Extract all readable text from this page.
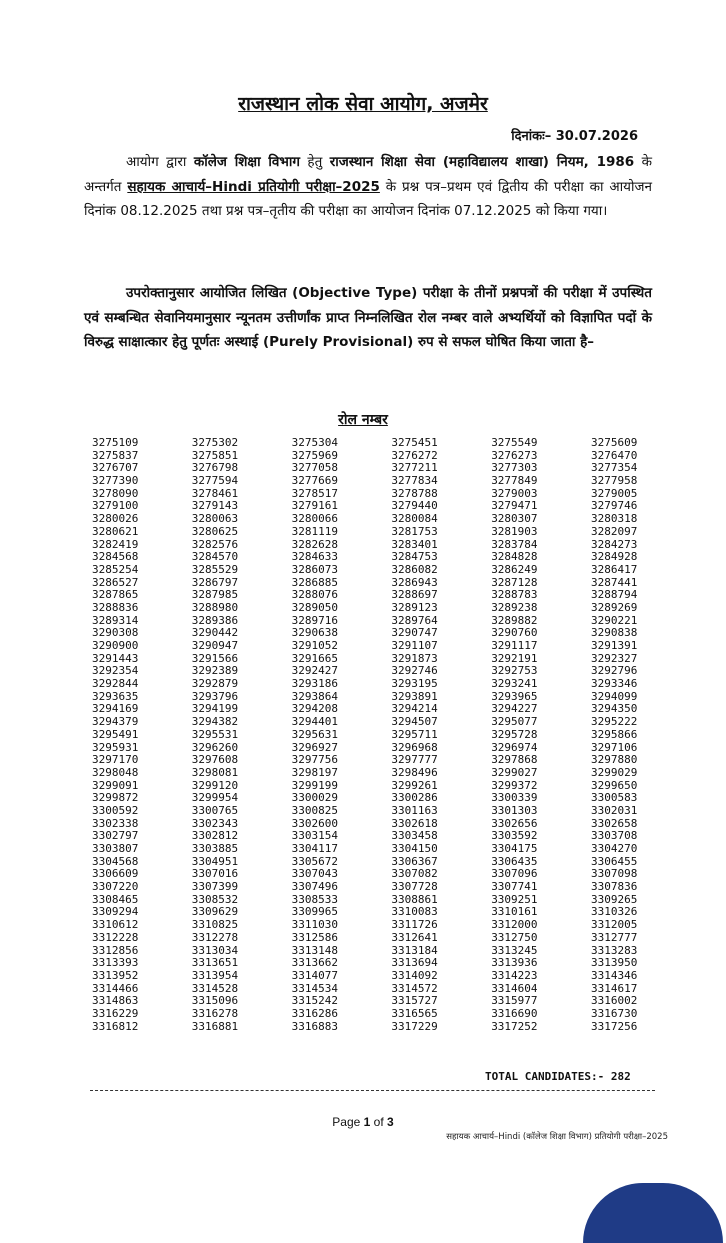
राजस्थान लोक सेवा आयोग, अजमेर
दिनांकः– 30.07.2026
आयोग द्वारा कॉलेज शिक्षा विभाग हेतु राजस्थान शिक्षा सेवा (महाविद्यालय शाखा) नियम, 1986 के अन्तर्गत सहायक आचार्य–Hindi प्रतियोगी परीक्षा–2025 के प्रश्न पत्र–प्रथम एवं द्वितीय की परीक्षा का आयोजन दिनांक 08.12.2025 तथा प्रश्न पत्र–तृतीय की परीक्षा का आयोजन दिनांक 07.12.2025 को किया गया।
उपरोक्तानुसार आयोजित लिखित (Objective Type) परीक्षा के तीनों प्रश्नपत्रों की परीक्षा में उपस्थित एवं सम्बन्धित सेवानियमानुसार न्यूनतम उत्तीर्णांक प्राप्त निम्नलिखित रोल नम्बर वाले अभ्यर्थियों को विज्ञापित पदों के विरुद्ध साक्षात्कार हेतु पूर्णतः अस्थाई (Purely Provisional) रुप से सफल घोषित किया जाता है–
रोल नम्बर
3275109	3275302	3275304	3275451	3275549	3275609
3275837	3275851	3275969	3276272	3276273	3276470
3276707	3276798	3277058	3277211	3277303	3277354
3277390	3277594	3277669	3277834	3277849	3277958
3278090	3278461	3278517	3278788	3279003	3279005
3279100	3279143	3279161	3279440	3279471	3279746
3280026	3280063	3280066	3280084	3280307	3280318
3280621	3280625	3281119	3281753	3281903	3282097
3282419	3282576	3282628	3283401	3283784	3284273
3284568	3284570	3284633	3284753	3284828	3284928
3285254	3285529	3286073	3286082	3286249	3286417
3286527	3286797	3286885	3286943	3287128	3287441
3287865	3287985	3288076	3288697	3288783	3288794
3288836	3288980	3289050	3289123	3289238	3289269
3289314	3289386	3289716	3289764	3289882	3290221
3290308	3290442	3290638	3290747	3290760	3290838
3290900	3290947	3291052	3291107	3291117	3291391
3291443	3291566	3291665	3291873	3292191	3292327
3292354	3292389	3292427	3292746	3292753	3292796
3292844	3292879	3293186	3293195	3293241	3293346
3293635	3293796	3293864	3293891	3293965	3294099
3294169	3294199	3294208	3294214	3294227	3294350
3294379	3294382	3294401	3294507	3295077	3295222
3295491	3295531	3295631	3295711	3295728	3295866
3295931	3296260	3296927	3296968	3296974	3297106
3297170	3297608	3297756	3297777	3297868	3297880
3298048	3298081	3298197	3298496	3299027	3299029
3299091	3299120	3299199	3299261	3299372	3299650
3299872	3299954	3300029	3300286	3300339	3300583
3300592	3300765	3300825	3301163	3301303	3302031
3302338	3302343	3302600	3302618	3302656	3302658
3302797	3302812	3303154	3303458	3303592	3303708
3303807	3303885	3304117	3304150	3304175	3304270
3304568	3304951	3305672	3306367	3306435	3306455
3306609	3307016	3307043	3307082	3307096	3307098
3307220	3307399	3307496	3307728	3307741	3307836
3308465	3308532	3308533	3308861	3309251	3309265
3309294	3309629	3309965	3310083	3310161	3310326
3310612	3310825	3311030	3311726	3312000	3312005
3312228	3312278	3312586	3312641	3312750	3312777
3312856	3313034	3313148	3313184	3313245	3313283
3313393	3313651	3313662	3313694	3313936	3313950
3313952	3313954	3314077	3314092	3314223	3314346
3314466	3314528	3314534	3314572	3314604	3314617
3314863	3315096	3315242	3315727	3315977	3316002
3316229	3316278	3316286	3316565	3316690	3316730
3316812	3316881	3316883	3317229	3317252	3317256
TOTAL CANDIDATES:- 282
Page 1 of 3
सहायक आचार्य–Hindi (कॉलेज शिक्षा विभाग) प्रतियोगी परीक्षा–2025
